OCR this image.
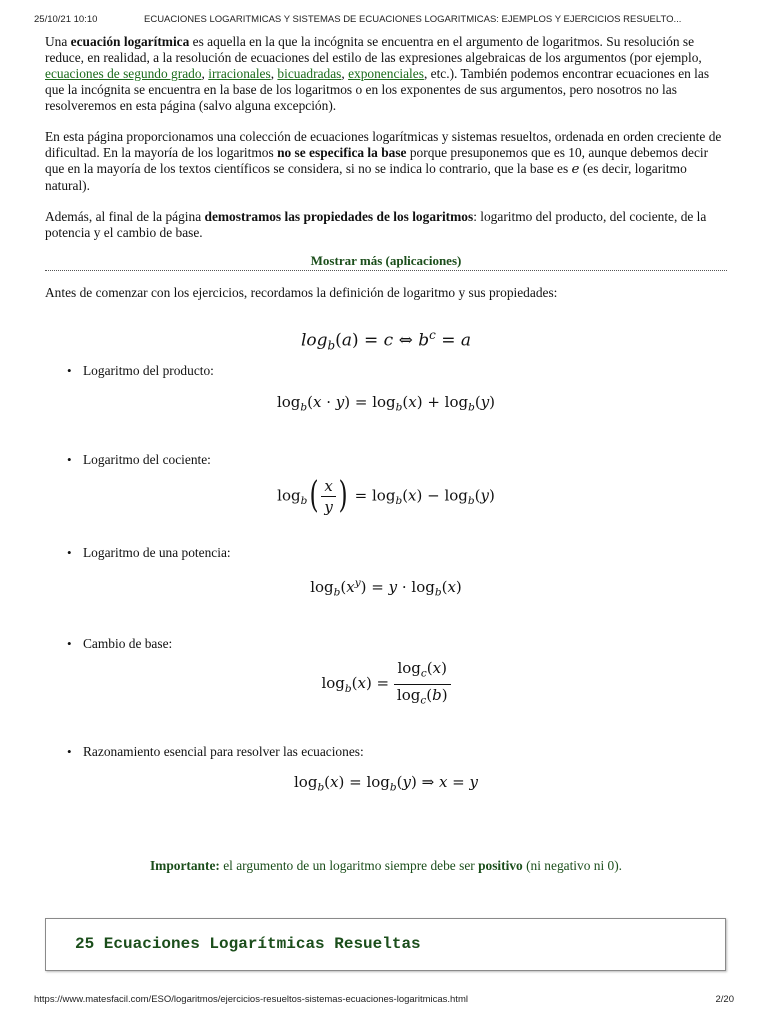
25/10/21 10:10	ECUACIONES LOGARITMICAS Y SISTEMAS DE ECUACIONES LOGARITMICAS: EJEMPLOS Y EJERCICIOS RESUELTO...

Una ecuación logarítmica es aquella en la que la incógnita se encuentra en el argumento de logaritmos. Su resolución se reduce, en realidad, a la resolución de ecuaciones del estilo de las expresiones algebraicas de los argumentos (por ejemplo, ecuaciones de segundo grado, irracionales, bicuadradas, exponenciales, etc.). También podemos encontrar ecuaciones en las que la incógnita se encuentra en la base de los logaritmos o en los exponentes de sus argumentos, pero nosotros no las resolveremos en esta página (salvo alguna excepción).

En esta página proporcionamos una colección de ecuaciones logarítmicas y sistemas resueltos, ordenada en orden creciente de dificultad. En la mayoría de los logaritmos no se especifica la base porque presuponemos que es 10, aunque debemos decir que en la mayoría de los textos científicos se considera, si no se indica lo contrario, que la base es e (es decir, logaritmo natural).

Además, al final de la página demostramos las propiedades de los logaritmos: logaritmo del producto, del cociente, de la potencia y el cambio de base.

Mostrar más (aplicaciones)

Antes de comenzar con los ejercicios, recordamos la definición de logaritmo y sus propiedades:

$\log_b(a) = c$ ⇔ $b^c = a$
• Logaritmo del producto:
$\log_b(x \cdot y) = \log_b(x) + \log_b(y)$
• Logaritmo del cociente:
$\log_b( \frac{x}{y}$ ) = $\log_b(x) - \log_b(y)$
• Logaritmo de una potencia:
$\log_b(x^y) = y \cdot \log_b(x)$
• Cambio de base:
$\log_b(x) = \frac{\log_c(x)}{\log_c(b)}$
• Razonamiento esencial para resolver las ecuaciones:
$\log_b(x) = \log_b(y)$ ⇒ x = y

Importante: el argumento de un logaritmo siempre debe ser positivo (ni negativo ni 0).

25 Ecuaciones Logarítmicas Resueltas
https://www.matesfacil.com/ESO/logaritmos/ejercicios-resueltos-sistemas-ecuaciones-logaritmicas.html	2/20
